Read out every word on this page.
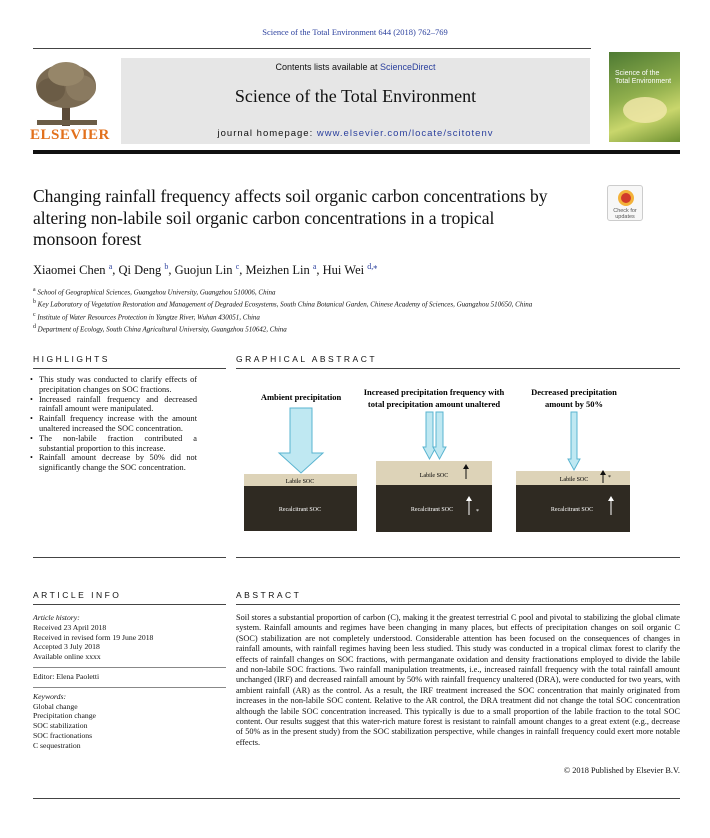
Science of the Total Environment 644 (2018) 762–769
ELSEVIER
Contents lists available at ScienceDirect
Science of the Total Environment
journal homepage: www.elsevier.com/locate/scitotenv
Science of the
Total Environment
Changing rainfall frequency affects soil organic carbon concentrations by
altering non-labile soil organic carbon concentrations in a tropical
monsoon forest
Check for
updates
Xiaomei Chen $^a$, Qi Deng $^b$, Guojun Lin $^c$, Meizhen Lin $^a$, Hui Wei $^{d,⁎}$
$^a$ School of Geographical Sciences, Guangzhou University, Guangzhou 510006, China
$^b$ Key Laboratory of Vegetation Restoration and Management of Degraded Ecosystems, South China Botanical Garden, Chinese Academy of Sciences, Guangzhou 510650, China
$^c$ Institute of Water Resources Protection in Yangtze River, Wuhan 430051, China
$^d$ Department of Ecology, South China Agricultural University, Guangzhou 510642, China
HIGHLIGHTS
• This study was conducted to clarify effects of precipitation changes on SOC fractions.
• Increased rainfall frequency and decreased rainfall amount were manipulated.
• Rainfall frequency increase with the amount unaltered increased the SOC concentration.
• The non-labile fraction contributed a substantial proportion to this increase.
• Rainfall amount decrease by 50% did not significantly change the SOC concentration.
GRAPHICAL ABSTRACT
Ambient precipitation
Labile SOC
Recalcitrant SOC
Increased precipitation frequency with
total precipitation amount unaltered
Labile SOC
Recalcitrant SOC	*
Decreased precipitation
amount by 50%
Labile SOC	*
Recalcitrant SOC
ARTICLE INFO
Article history:
Received 23 April 2018
Received in revised form 19 June 2018
Accepted 3 July 2018
Available online xxxx
Editor: Elena Paoletti
Keywords:
Global change
Precipitation change
SOC stabilization
SOC fractionations
C sequestration
ABSTRACT
Soil stores a substantial proportion of carbon (C), making it the greatest terrestrial C pool and pivotal to stabilizing the global climate system. Rainfall amounts and regimes have been changing in many places, but effects of precipitation changes on soil organic C (SOC) stabilization are not completely understood. Considerable attention has been focused on the consequences of changes in rainfall amounts, with rainfall regimes having been less studied. This study was conducted in a tropical climax forest to clarify the effects of rainfall changes on SOC fractions, with permanganate oxidation and density fractionations employed to divide the labile and non-labile SOC fractions. Two rainfall manipulation treatments, i.e., increased rainfall frequency with the total rainfall amount unchanged (IRF) and decreased rainfall amount by 50% with rainfall frequency unaltered (DRA), were conducted for two years, with ambient rainfall (AR) as the control. As a result, the IRF treatment increased the SOC concentration that mainly originated from increases in the non-labile SOC content. Relative to the AR control, the DRA treatment did not change the total SOC concentration although the labile SOC concentration increased. This typically is due to a small proportion of the labile fraction to the total SOC content. Our results suggest that this water-rich mature forest is resistant to rainfall amount changes to a great extent (e.g., decrease of 50% as in the present study) from the SOC stabilization perspective, while changes in rainfall frequency could exert more notable effects.
© 2018 Published by Elsevier B.V.
